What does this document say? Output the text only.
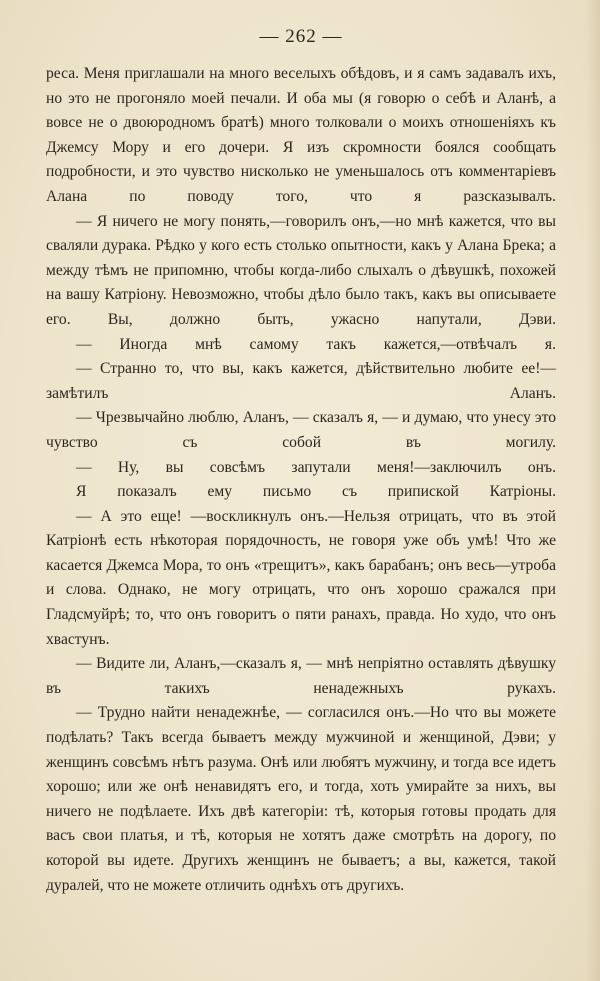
— 262 —

реса. Меня приглашали на много веселыхъ обѣдовъ, и я самъ задавалъ ихъ, но это не прогоняло моей печали. И оба мы (я говорю о себѣ и Аланѣ, а вовсе не о двоюродномъ братѣ) много толковали о моихъ отношеніяхъ къ Джемсу Мору и его дочери. Я изъ скромности боялся сообщать подробности, и это чувство нисколько не уменьшалось отъ комментаріевъ Алана по поводу того, что я разсказывалъ.

— Я ничего не могу понять,—говорилъ онъ,—но мнѣ кажется, что вы сваляли дурака. Рѣдко у кого есть столько опытности, какъ у Алана Брека; а между тѣмъ не припомню, чтобы когда-либо слыхалъ о дѣвушкѣ, похожей на вашу Катріону. Невозможно, чтобы дѣло было такъ, какъ вы описываете его. Вы, должно быть, ужасно напутали, Дэви.

— Иногда мнѣ самому такъ кажется,—отвѣчалъ я.

— Странно то, что вы, какъ кажется, дѣйствительно любите ее!—замѣтилъ Аланъ.

— Чрезвычайно люблю, Аланъ, — сказалъ я, — и думаю, что унесу это чувство съ собой въ могилу.

— Ну, вы совсѣмъ запутали меня!—заключилъ онъ.

Я показалъ ему письмо съ припиской Катріоны.

— А это еще! —воскликнулъ онъ.—Нельзя отрицать, что въ этой Катріонѣ есть нѣкоторая порядочность, не говоря уже объ умѣ! Что же касается Джемса Мора, то онъ «трещитъ», какъ барабанъ; онъ весь—утроба и слова. Однако, не могу отрицать, что онъ хорошо сражался при Гладсмуйрѣ; то, что онъ говоритъ о пяти ранахъ, правда. Но худо, что онъ хвастунъ.

— Видите ли, Аланъ,—сказалъ я, — мнѣ непріятно оставлять дѣвушку въ такихъ ненадежныхъ рукахъ.

— Трудно найти ненадежнѣе, — согласился онъ.—Но что вы можете подѣлать? Такъ всегда бываетъ между мужчиной и женщиной, Дэви; у женщинъ совсѣмъ нѣтъ разума. Онѣ или любятъ мужчину, и тогда все идетъ хорошо; или же онѣ ненавидятъ его, и тогда, хоть умирайте за нихъ, вы ничего не подѣлаете. Ихъ двѣ категоріи: тѣ, которыя готовы продать для васъ свои платья, и тѣ, которыя не хотятъ даже смотрѣть на дорогу, по которой вы идете. Другихъ женщинъ не бываетъ; а вы, кажется, такой дуралей, что не можете отличить однѣхъ отъ другихъ.
